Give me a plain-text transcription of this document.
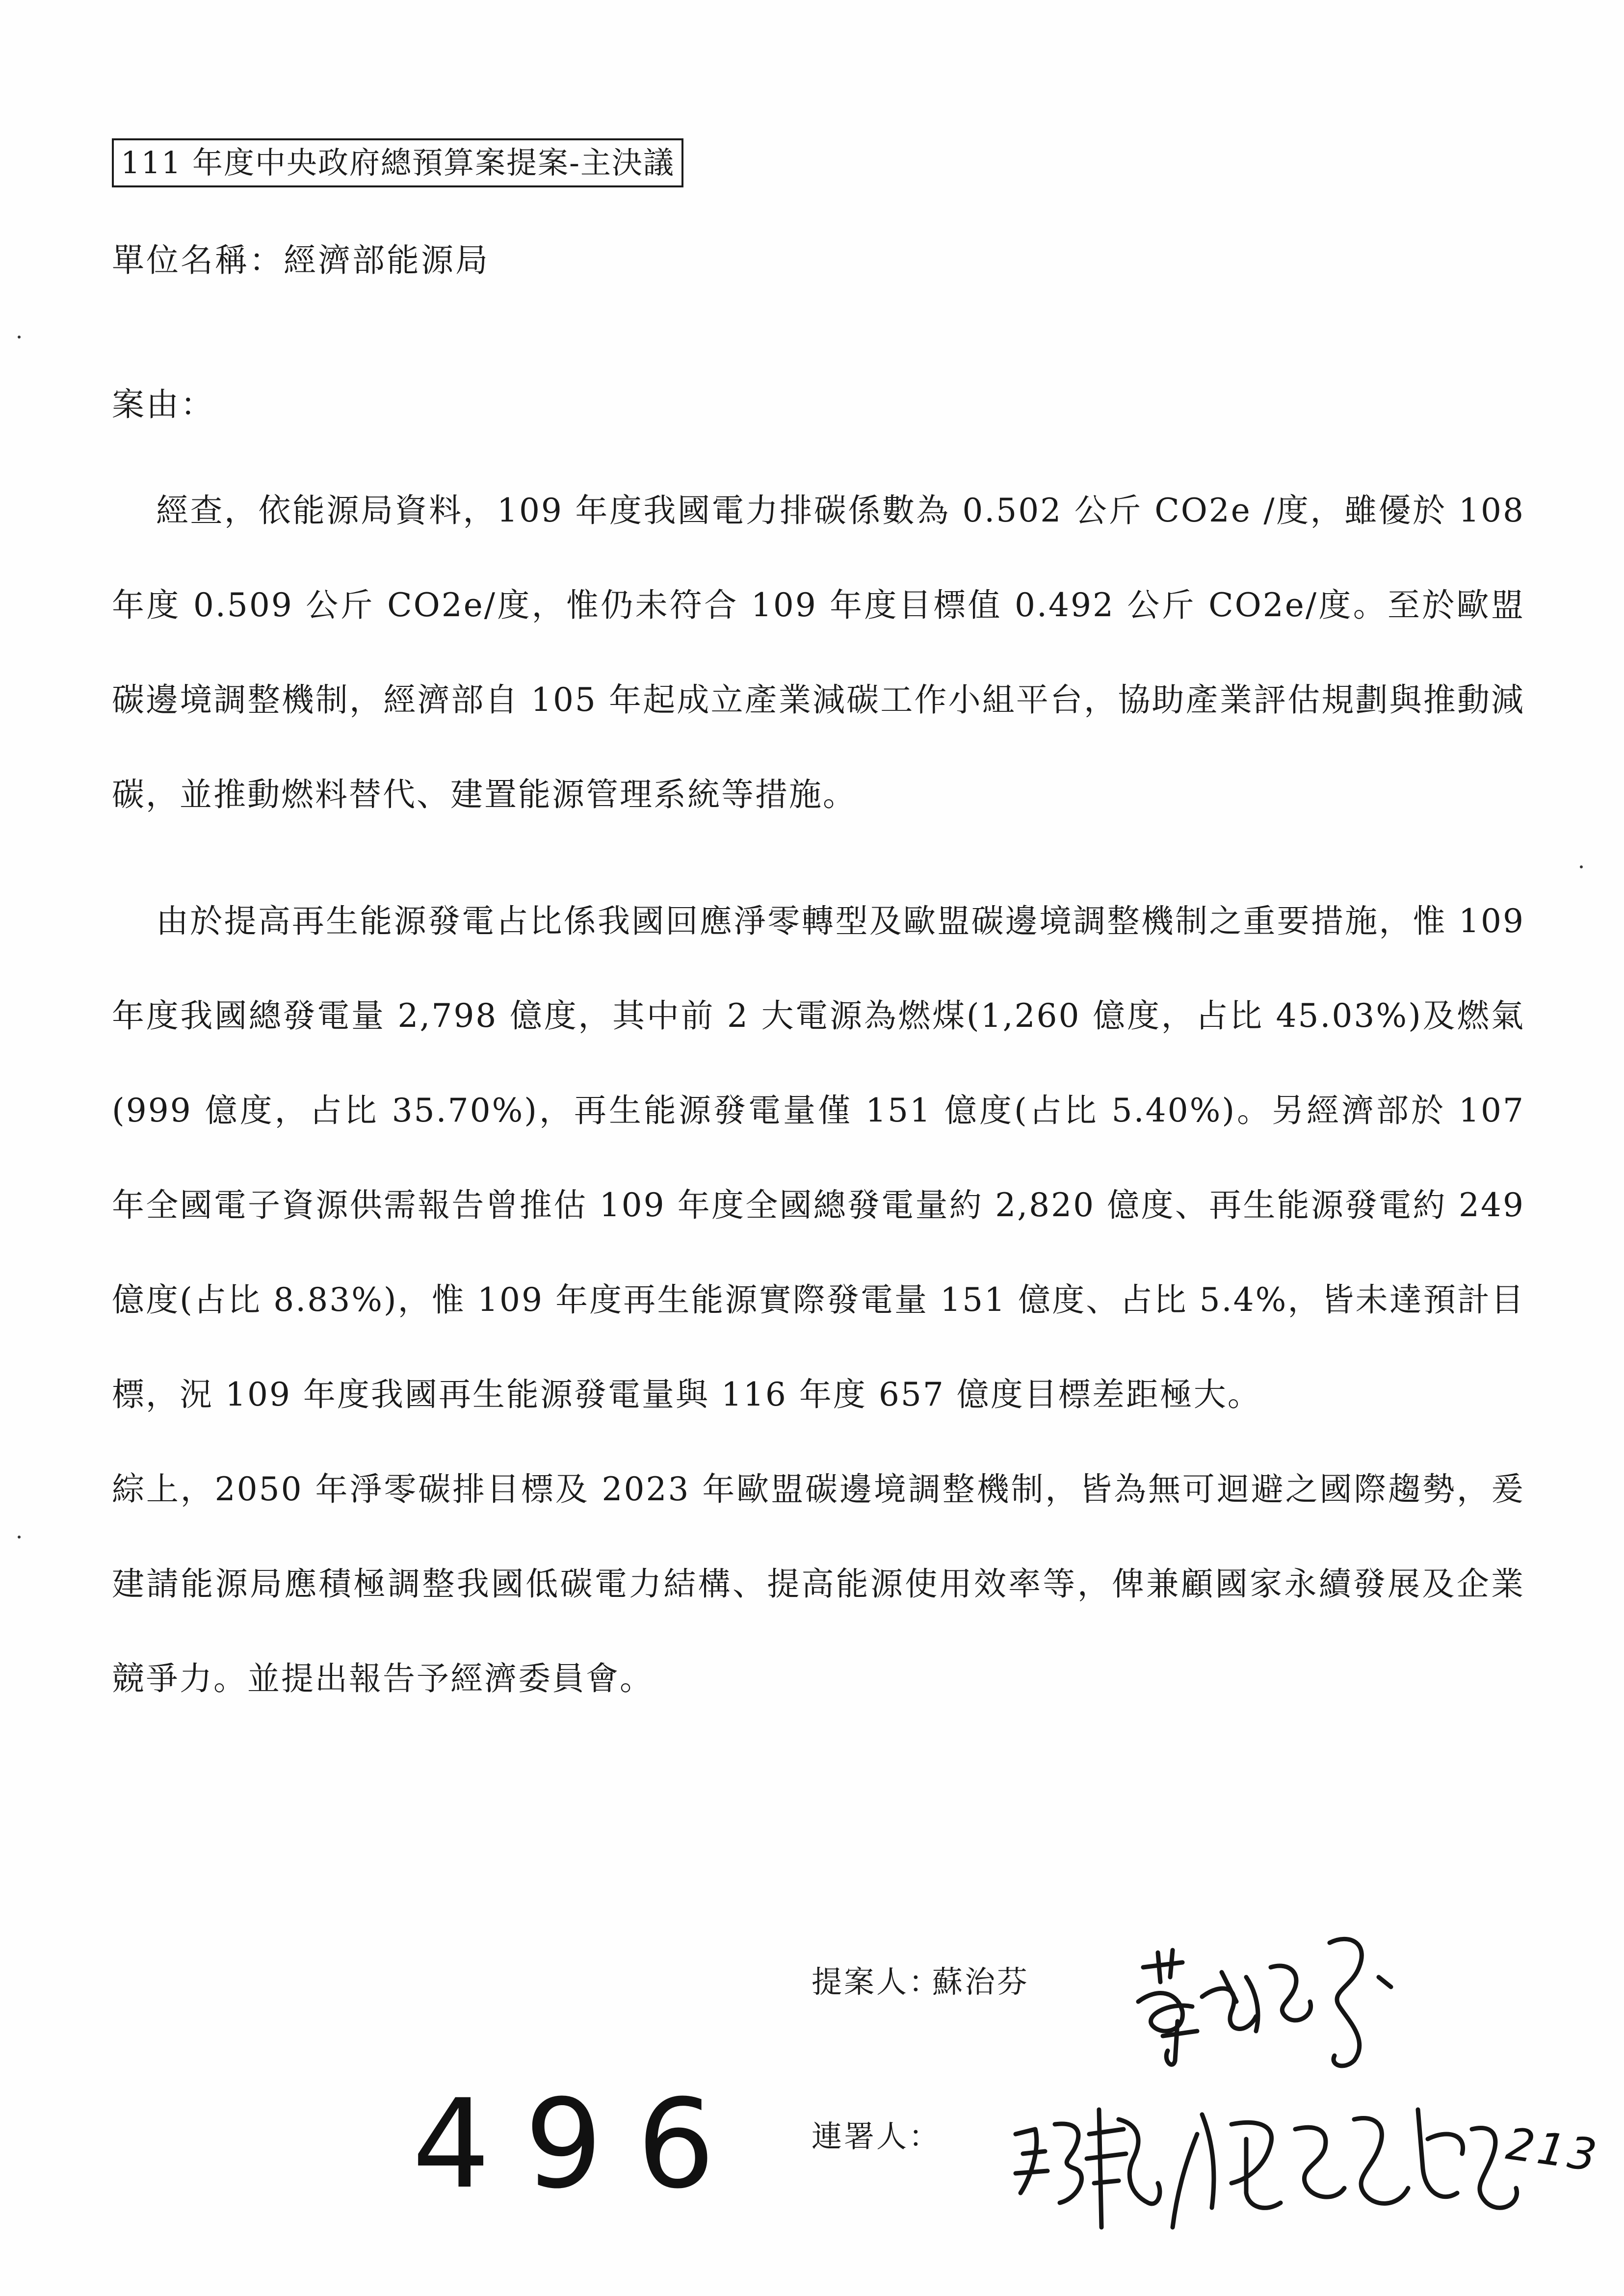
111 年度中央政府總預算案提案-主決議
單位名稱：經濟部能源局
案由：

經查，依能源局資料，109 年度我國電力排碳係數為 0.502 公斤 CO2e /度，雖優於 108 年度 0.509 公斤 CO2e/度，惟仍未符合 109 年度目標值 0.492 公斤 CO2e/度。至於歐盟碳邊境調整機制，經濟部自 105 年起成立產業減碳工作小組平台，協助產業評估規劃與推動減碳，並推動燃料替代、建置能源管理系統等措施。

由於提高再生能源發電占比係我國回應淨零轉型及歐盟碳邊境調整機制之重要措施，惟 109 年度我國總發電量 2,798 億度，其中前 2 大電源為燃煤(1,260 億度，占比 45.03%)及燃氣(999 億度，占比 35.70%)，再生能源發電量僅 151 億度(占比 5.40%)。另經濟部於 107 年全國電子資源供需報告曾推估 109 年度全國總發電量約 2,820 億度、再生能源發電約 249 億度(占比 8.83%)，惟 109 年度再生能源實際發電量 151 億度、占比 5.4%，皆未達預計目標，況 109 年度我國再生能源發電量與 116 年度 657 億度目標差距極大。

綜上，2050 年淨零碳排目標及 2023 年歐盟碳邊境調整機制，皆為無可迴避之國際趨勢，爰建請能源局應積極調整我國低碳電力結構、提高能源使用效率等，俾兼顧國家永續發展及企業競爭力。並提出報告予經濟委員會。

提案人：
蘇治芬
496 連署人：	213
